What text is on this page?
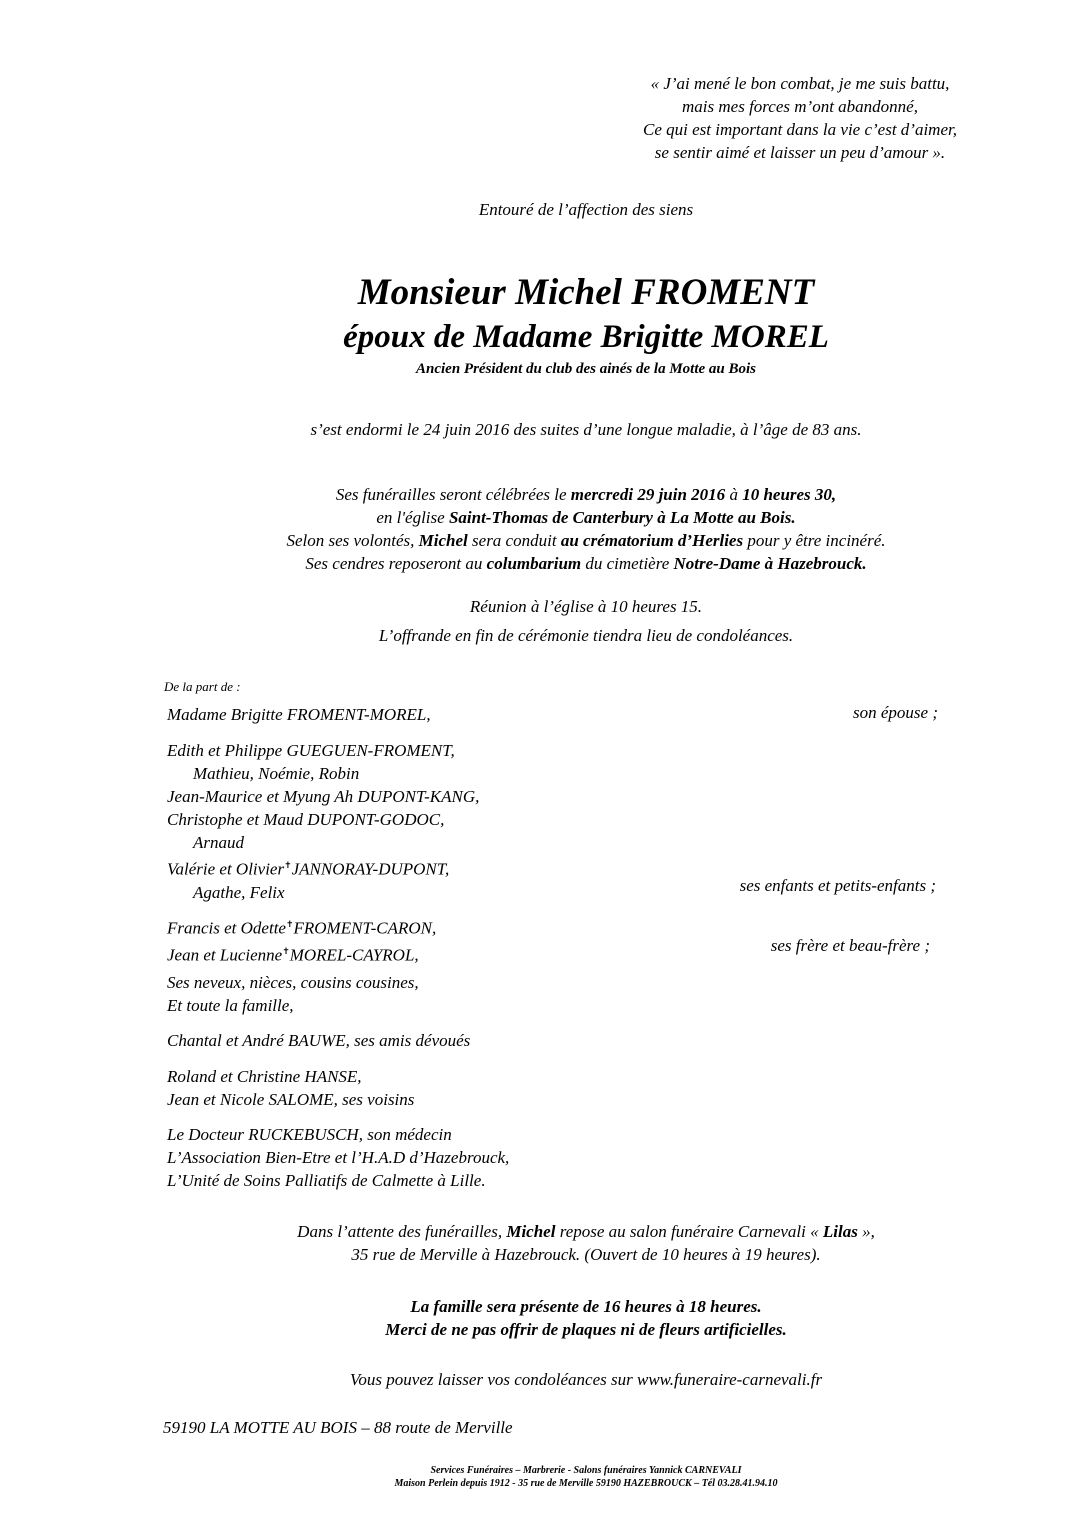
« J’ai mené le bon combat, je me suis battu,
mais mes forces m’ont abandonné,
Ce qui est important dans la vie c’est d’aimer,
se sentir aimé et laisser un peu d’amour ».
Entouré de l’affection des siens
Monsieur Michel FROMENT
époux de Madame Brigitte MOREL
Ancien Président du club des ainés de la Motte au Bois
s’est endormi le 24 juin 2016 des suites d’une longue maladie, à l’âge de 83 ans.
Ses funérailles seront célébrées le mercredi 29 juin 2016 à 10 heures 30,
en l'église Saint-Thomas de Canterbury à La Motte au Bois.
Selon ses volontés, Michel sera conduit au crématorium d’Herlies pour y être incinéré.
Ses cendres reposeront au columbarium du cimetière Notre-Dame à Hazebrouck.
Réunion à l’église à 10 heures 15.
L’offrande en fin de cérémonie tiendra lieu de condoléances.
De la part de :
Madame Brigitte FROMENT-MOREL,	son épouse ;
Edith et Philippe GUEGUEN-FROMENT,
Mathieu, Noémie, Robin
Jean-Maurice et Myung Ah DUPONT-KANG,
Christophe et Maud DUPONT-GODOC,
Arnaud
Valérie et Olivier✝JANNORAY-DUPONT,
Agathe, Felix	ses enfants et petits-enfants ;
Francis et Odette✝FROMENT-CARON,
Jean et Lucienne✝MOREL-CAYROL,	ses frère et beau-frère ;
Ses neveux, nièces, cousins cousines,
Et toute la famille,
Chantal et André BAUWE, ses amis dévoués
Roland et Christine HANSE,
Jean et Nicole SALOME, ses voisins
Le Docteur RUCKEBUSCH, son médecin
L’Association Bien-Etre et l’H.A.D d’Hazebrouck,
L’Unité de Soins Palliatifs de Calmette à Lille.
Dans l’attente des funérailles, Michel repose au salon funéraire Carnevali « Lilas »,
35 rue de Merville à Hazebrouck. (Ouvert de 10 heures à 19 heures).
La famille sera présente de 16 heures à 18 heures.
Merci de ne pas offrir de plaques ni de fleurs artificielles.
Vous pouvez laisser vos condoléances sur www.funeraire-carnevali.fr
59190 LA MOTTE AU BOIS – 88 route de Merville
Services Funéraires – Marbrerie - Salons funéraires Yannick CARNEVALI
Maison Perlein depuis 1912 - 35 rue de Merville 59190 HAZEBROUCK – Tél 03.28.41.94.10
